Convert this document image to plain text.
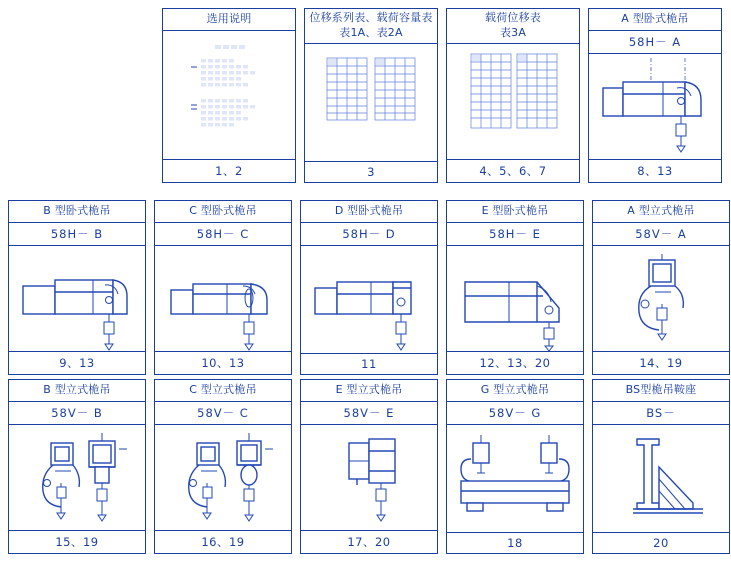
选用说明
1、2
位移系列表、载荷容量表
表1A、表2A
3
载荷位移表
表3A
4、5、6、7
A 型卧式桅吊
58H－ A
8、13
B 型卧式桅吊
58H－ B
9、13
C 型卧式桅吊
58H－ C
10、13
D 型卧式桅吊
58H－ D
11
E 型卧式桅吊
58H－ E
12、13、20
A 型立式桅吊
58V－ A
14、19
B 型立式桅吊
58V－ B
15、19
C 型立式桅吊
58V－ C
16、19
E 型立式桅吊
58V－ E
17、20
G 型立式桅吊
58V－ G
18
BS型桅吊鞍座
BS－
20
